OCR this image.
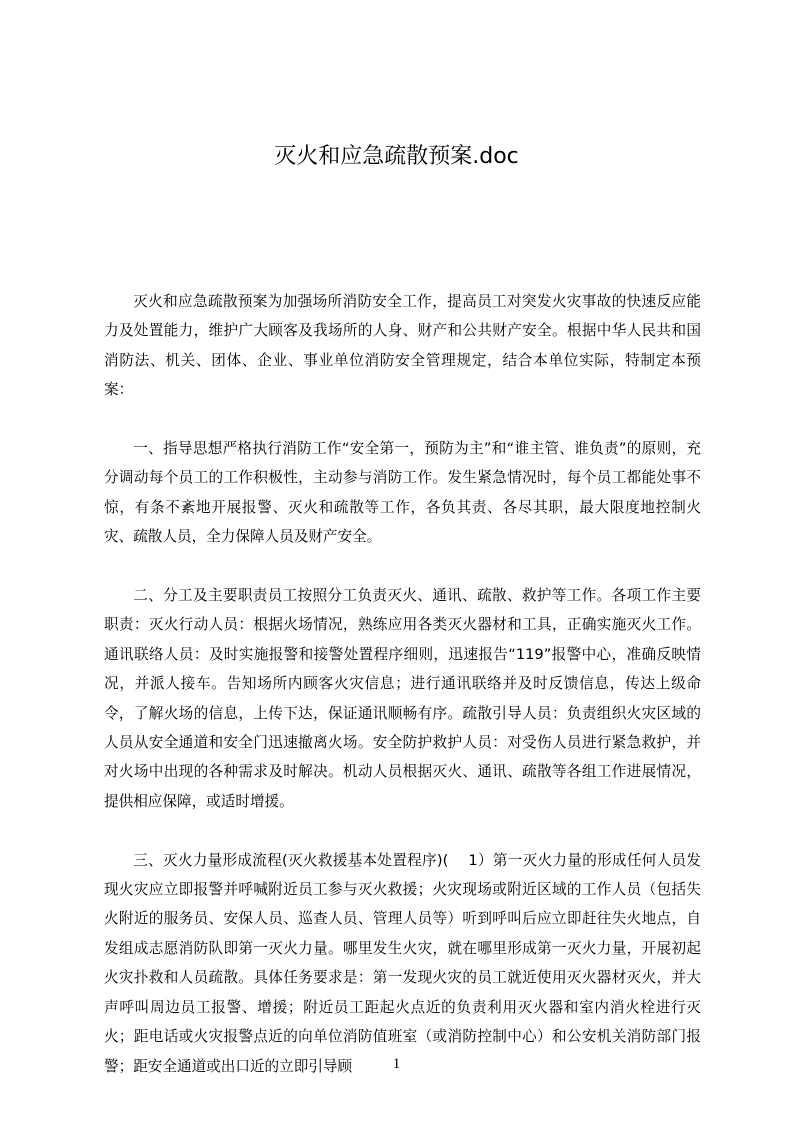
灭火和应急疏散预案.doc

灭火和应急疏散预案为加强场所消防安全工作，提高员工对突发火灾事故的快速反应能力及处置能力，维护广大顾客及我场所的人身、财产和公共财产安全。根据中华人民共和国消防法、机关、团体、企业、事业单位消防安全管理规定，结合本单位实际，特制定本预案：

一、指导思想严格执行消防工作“安全第一，预防为主”和“谁主管、谁负责”的原则，充分调动每个员工的工作积极性，主动参与消防工作。发生紧急情况时，每个员工都能处事不惊，有条不紊地开展报警、灭火和疏散等工作，各负其责、各尽其职，最大限度地控制火灾、疏散人员，全力保障人员及财产安全。

二、分工及主要职责员工按照分工负责灭火、通讯、疏散、救护等工作。各项工作主要职责：灭火行动人员：根据火场情况，熟练应用各类灭火器材和工具，正确实施灭火工作。通讯联络人员：及时实施报警和接警处置程序细则，迅速报告“119”报警中心，准确反映情况，并派人接车。告知场所内顾客火灾信息；进行通讯联络并及时反馈信息，传达上级命令，了解火场的信息，上传下达，保证通讯顺畅有序。疏散引导人员：负责组织火灾区域的人员从安全通道和安全门迅速撤离火场。安全防护救护人员：对受伤人员进行紧急救护，并对火场中出现的各种需求及时解决。机动人员根据灭火、通讯、疏散等各组工作进展情况，提供相应保障，或适时增援。

三、灭火力量形成流程(灭火救援基本处置程序)(　 1）第一灭火力量的形成任何人员发现火灾应立即报警并呼喊附近员工参与灭火救援；火灾现场或附近区域的工作人员（包括失火附近的服务员、安保人员、巡查人员、管理人员等）听到呼叫后应立即赶往失火地点，自发组成志愿消防队即第一灭火力量。哪里发生火灾，就在哪里形成第一灭火力量，开展初起火灾扑救和人员疏散。具体任务要求是：第一发现火灾的员工就近使用灭火器材灭火，并大声呼叫周边员工报警、增援；附近员工距起火点近的负责利用灭火器和室内消火栓进行灭火；距电话或火灾报警点近的向单位消防值班室（或消防控制中心）和公安机关消防部门报警；距安全通道或出口近的立即引导顾	1
